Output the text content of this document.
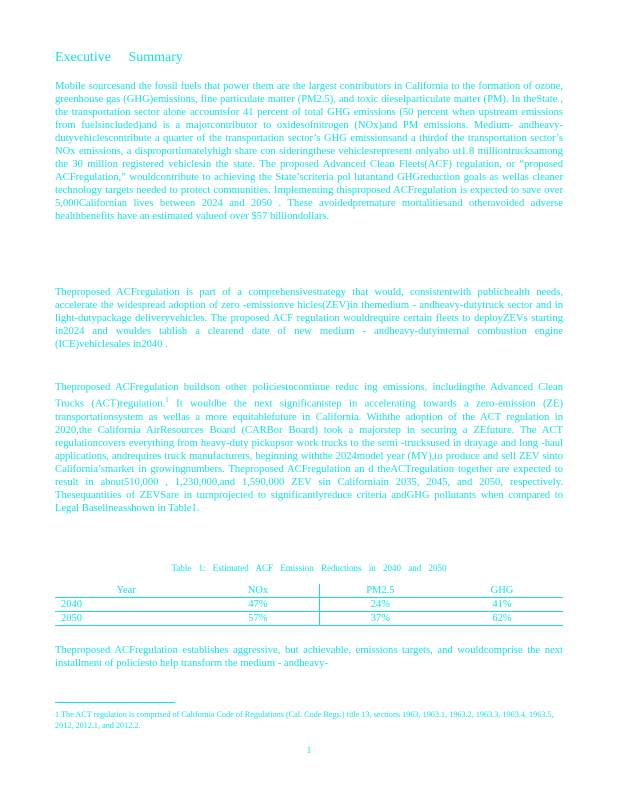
Executive Summary

Mobile sourcesand the fossil fuels that power them are the largest contributors in California to the formation of ozone, greenhouse gas (GHG)emissions, fine particulate matter (PM2.5), and toxic dieselparticulate matter (PM). In theState , the transportation sector alone accountsfor 41 percent of total GHG emissions (50 percent when upstream emissions from fuelsincluded)and is a majorcontributor to oxidesofnitrogen (NOx)and PM emissions. Medium- andheavy-dutyvehiclescontribute a quarter of the transportation sector’s GHG emissionsand a thirdof the transportation sector’s NOx emissions, a disproportionatelyhigh share con sideringthese vehiclesrepresent onlyabo ut1.8 milliontrucksamong the 30 million registered vehiclesin the state. The proposed Advanced Clean Fleets(ACF) regulation, or “proposed ACFregulation,” wouldcontribute to achieving the State’scriteria pol lutantand GHGreduction goals as wellas cleaner technology targets needed to protect communities. Implementing thisproposed ACFregulation is expected to save over 5,000Californian lives between 2024 and 2050 . These avoidedpremature mortalitiesand otheravoided adverse healthbenefits have an estimated valueof over $57 billiondollars.

Theproposed ACFregulation is part of a comprehensivestrategy that would, consistentwith publichealth needs, accelerate the widespread adoption of zero -emissionve hicles(ZEV)in themedium - andheavy-dutytruck sector and in light-dutypackage deliveryvehicles. The proposed ACF regulation wouldrequire certain fleets to deployZEVs starting in2024 and wouldes tablish a clearend date of new medium - andheavy-dutyinternal combustion engine (ICE)vehiclesales in2040 .

Theproposed ACFregulation buildson other policiestocontinue reduc ing emissions, includingthe Advanced Clean Trucks (ACT)regulation.$^1$ It wouldbe the next significantstep in accelerating towards a zero-emission (ZE) transportationsystem as wellas a more equitablefuture in California. Withthe adoption of the ACT regulation in 2020,the California AirResources Board (CARBor Board) took a majorstep in securing a ZEfuture. The ACT regulationcovers everything from heavy-duty pickupsor work trucks to the semi -trucksused in drayage and long -haul applications, andrequires truck manufacturers, beginning withthe 2024model year (MY),to produce and sell ZEV sinto California’smarket in growingnumbers. Theproposed ACFregulation an d theACTregulation together are expected to result in about510,000 , 1,230,000,and 1,590,000 ZEV sin Californiain 2035, 2045, and 2050, respectively. Thesequantities of ZEVSare in turnprojected to significantlyreduce criteria andGHG pollutants when compared to Legal Baselineasshown in Table1.

Table 1: Estimated ACF Emission Reductions in 2040 and 2050
Year	NOx	PM2.5	GHG
2040	47%	24%	41%
2050	57%	37%	62%

Theproposed ACFregulation establishes aggressive, but achievable, emissions targets, and wouldcomprise the next installment of policiesto help transform the medium - andheavy-

1 The ACT regulation is comprised of California Code of Regulations (Cal. Code Regs.) title 13, sections 1963, 1963.1, 1963.2, 1963.3, 1963.4, 1963.5, 2012, 2012.1, and 2012.2.
1
